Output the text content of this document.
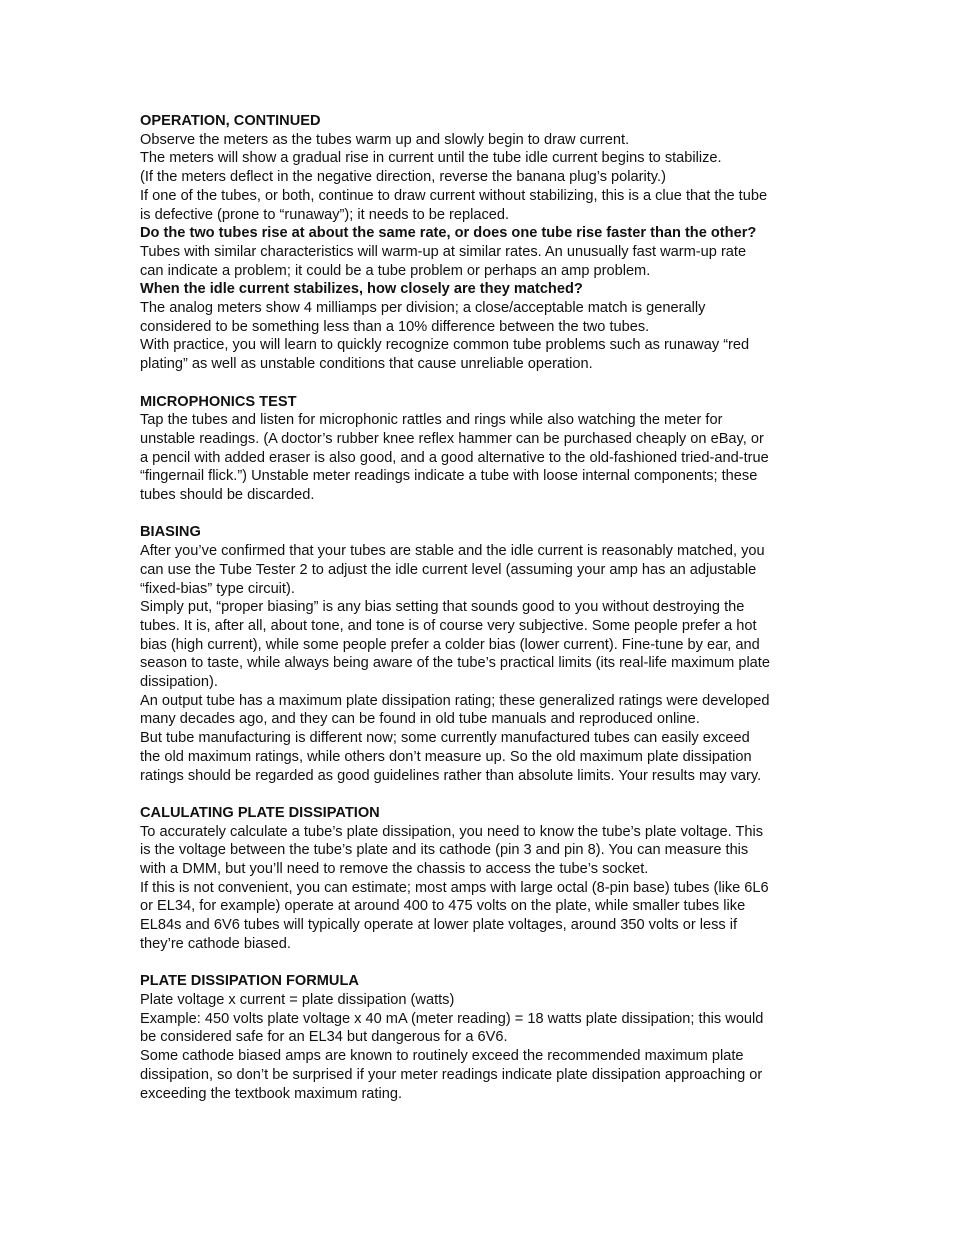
OPERATION, CONTINUED
Observe the meters as the tubes warm up and slowly begin to draw current.
The meters will show a gradual rise in current until the tube idle current begins to stabilize.
(If the meters deflect in the negative direction, reverse the banana plug’s polarity.)
If one of the tubes, or both, continue to draw current without stabilizing, this is a clue that the tube
is defective (prone to “runaway”); it needs to be replaced.
Do the two tubes rise at about the same rate, or does one tube rise faster than the other?
Tubes with similar characteristics will warm-up at similar rates. An unusually fast warm-up rate
can indicate a problem; it could be a tube problem or perhaps an amp problem.
When the idle current stabilizes, how closely are they matched?
The analog meters show 4 milliamps per division; a close/acceptable match is generally
considered to be something less than a 10% difference between the two tubes.
With practice, you will learn to quickly recognize common tube problems such as runaway “red
plating” as well as unstable conditions that cause unreliable operation.
MICROPHONICS TEST
Tap the tubes and listen for microphonic rattles and rings while also watching the meter for
unstable readings. (A doctor’s rubber knee reflex hammer can be purchased cheaply on eBay, or
a pencil with added eraser is also good, and a good alternative to the old-fashioned tried-and-true
“fingernail flick.”) Unstable meter readings indicate a tube with loose internal components; these
tubes should be discarded.
BIASING
After you’ve confirmed that your tubes are stable and the idle current is reasonably matched, you
can use the Tube Tester 2 to adjust the idle current level (assuming your amp has an adjustable
“fixed-bias” type circuit).
Simply put, “proper biasing” is any bias setting that sounds good to you without destroying the
tubes. It is, after all, about tone, and tone is of course very subjective. Some people prefer a hot
bias (high current), while some people prefer a colder bias (lower current). Fine-tune by ear, and
season to taste, while always being aware of the tube’s practical limits (its real-life maximum plate
dissipation).
An output tube has a maximum plate dissipation rating; these generalized ratings were developed
many decades ago, and they can be found in old tube manuals and reproduced online.
But tube manufacturing is different now; some currently manufactured tubes can easily exceed
the old maximum ratings, while others don’t measure up. So the old maximum plate dissipation
ratings should be regarded as good guidelines rather than absolute limits. Your results may vary.
CALULATING PLATE DISSIPATION
To accurately calculate a tube’s plate dissipation, you need to know the tube’s plate voltage. This
is the voltage between the tube’s plate and its cathode (pin 3 and pin 8). You can measure this
with a DMM, but you’ll need to remove the chassis to access the tube’s socket.
If this is not convenient, you can estimate; most amps with large octal (8-pin base) tubes (like 6L6
or EL34, for example) operate at around 400 to 475 volts on the plate, while smaller tubes like
EL84s and 6V6 tubes will typically operate at lower plate voltages, around 350 volts or less if
they’re cathode biased.
PLATE DISSIPATION FORMULA
Plate voltage x current = plate dissipation (watts)
Example: 450 volts plate voltage x 40 mA (meter reading) = 18 watts plate dissipation; this would
be considered safe for an EL34 but dangerous for a 6V6.
Some cathode biased amps are known to routinely exceed the recommended maximum plate
dissipation, so don’t be surprised if your meter readings indicate plate dissipation approaching or
exceeding the textbook maximum rating.
